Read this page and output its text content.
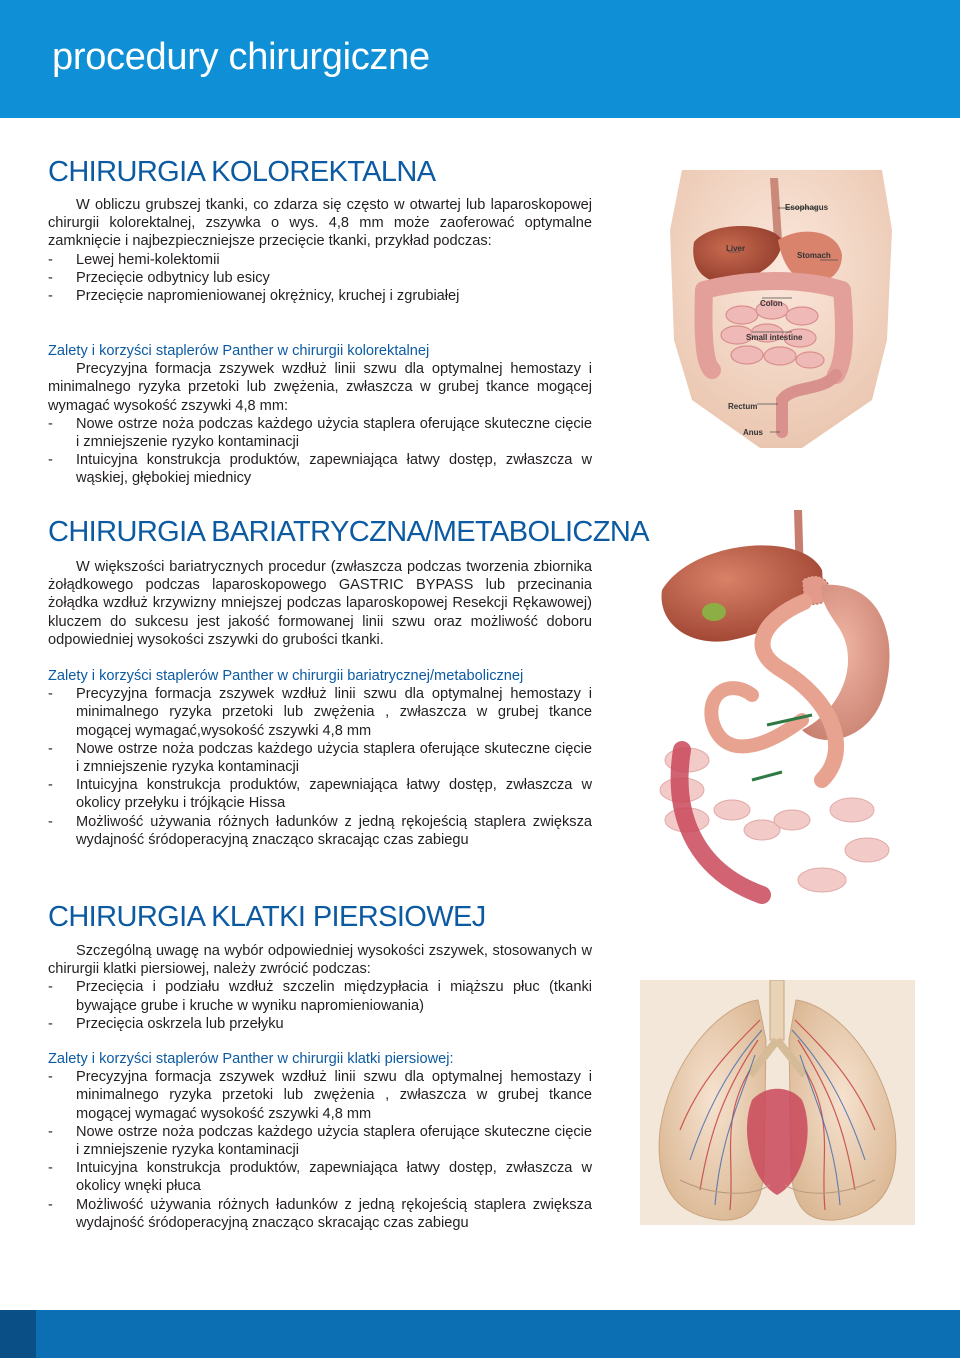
procedury chirurgiczne
CHIRURGIA KOLOREKTALNA

W obliczu grubszej tkanki, co zdarza się często w otwartej lub laparoskopowej chirurgii kolorektalnej, zszywka o wys. 4,8 mm może zaoferować optymalne zamknięcie i najbezpieczniejsze przecięcie tkanki, przykład podczas:

- Lewej hemi-kolektomii
- Przecięcie odbytnicy lub esicy
- Przecięcie napromieniowanej okrężnicy, kruchej i zgrubiałej

Zalety i korzyści staplerów Panther w chirurgii kolorektalnej

Precyzyjna formacja zszywek wzdłuż linii szwu dla optymalnej hemostazy i minimalnego ryzyka przetoki lub zwężenia, zwłaszcza w grubej tkance mogącej wymagać wysokość zszywki 4,8 mm:

- Nowe ostrze noża podczas każdego użycia staplera oferujące skuteczne cięcie i zmniejszenie ryzyko kontaminacji
- Intuicyjna konstrukcja produktów, zapewniająca łatwy dostęp, zwłaszcza w wąskiej, głębokiej miednicy
Esophagus
Liver
Stomach
Colon
Small intestine
Rectum
Anus
CHIRURGIA BARIATRYCZNA/METABOLICZNA

W większości bariatrycznych procedur (zwłaszcza podczas tworzenia zbiornika żołądkowego podczas laparoskopowego GASTRIC BYPASS lub przecinania żołądka wzdłuż krzywizny mniejszej podczas laparoskopowej Resekcji Rękawowej) kluczem do sukcesu jest jakość formowanej linii szwu oraz możliwość doboru odpowiedniej wysokości zszywki do grubości tkanki.

Zalety i korzyści staplerów Panther w chirurgii bariatrycznej/metabolicznej

- Precyzyjna formacja zszywek wzdłuż linii szwu dla optymalnej hemostazy i minimalnego ryzyka przetoki lub zwężenia , zwłaszcza w grubej tkance mogącej wymagać,wysokość zszywki 4,8 mm
- Nowe ostrze noża podczas każdego użycia staplera oferujące skuteczne cięcie i zmniejszenie ryzyka kontaminacji
- Intuicyjna konstrukcja produktów, zapewniająca łatwy dostęp, zwłaszcza w okolicy przełyku i trójkącie Hissa
- Możliwość używania różnych ładunków z jedną rękojeścią staplera zwiększa wydajność śródoperacyjną znacząco skracając czas zabiegu
CHIRURGIA KLATKI PIERSIOWEJ

Szczególną uwagę na wybór odpowiedniej wysokości zszywek, stosowanych w chirurgii klatki piersiowej, należy zwrócić podczas:

- Przecięcia i podziału wzdłuż szczelin międzypłacia i miąższu płuc (tkanki bywające grube i kruche w wyniku napromieniowania)
- Przecięcia oskrzela lub przełyku

Zalety i korzyści staplerów Panther w chirurgii klatki piersiowej:

- Precyzyjna formacja zszywek wzdłuż linii szwu dla optymalnej hemostazy i minimalnego ryzyka przetoki lub zwężenia , zwłaszcza w grubej tkance mogącej wymagać wysokość zszywki 4,8 mm
- Nowe ostrze noża podczas każdego użycia staplera oferujące skuteczne cięcie i zmniejszenie ryzyka kontaminacji
- Intuicyjna konstrukcja produktów, zapewniająca łatwy dostęp, zwłaszcza w okolicy wnęki płuca
- Możliwość używania różnych ładunków z jedną rękojeścią staplera zwiększa wydajność śródoperacyjną znacząco skracając czas zabiegu
